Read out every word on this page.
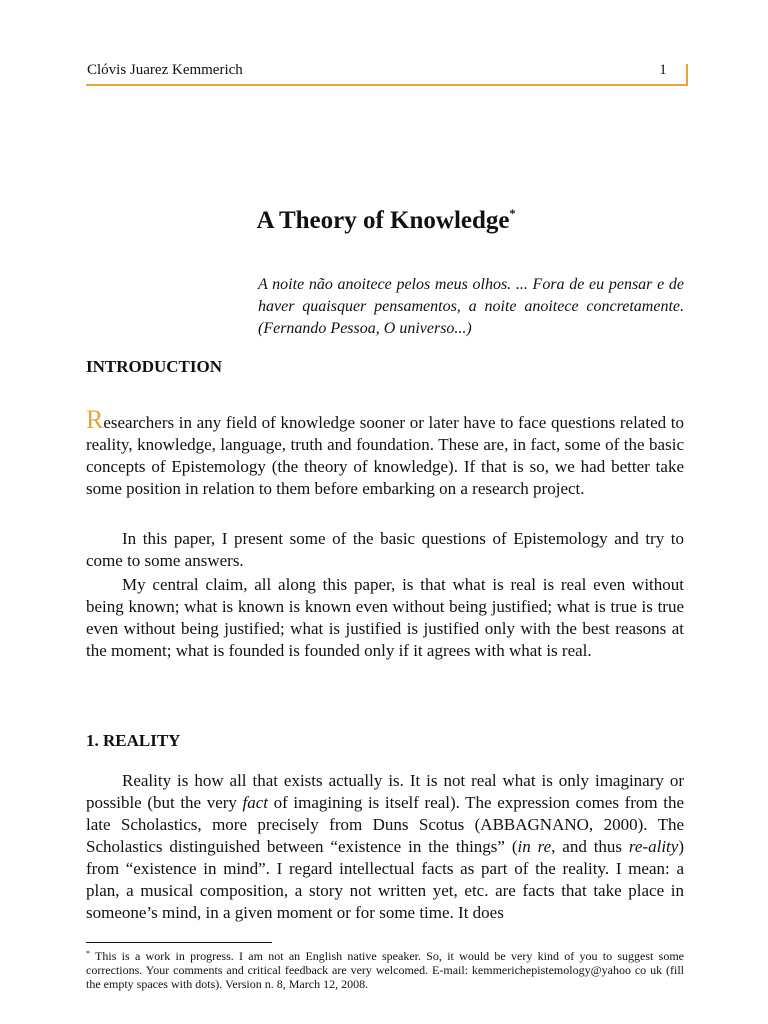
Clóvis Juarez Kemmerich	1
A Theory of Knowledge*
A noite não anoitece pelos meus olhos. ... Fora de eu pensar e de haver quaisquer pensamentos, a noite anoitece concretamente. (Fernando Pessoa, O universo...)
INTRODUCTION
Researchers in any field of knowledge sooner or later have to face questions related to reality, knowledge, language, truth and foundation. These are, in fact, some of the basic concepts of Epistemology (the theory of knowledge). If that is so, we had better take some position in relation to them before embarking on a research project.
In this paper, I present some of the basic questions of Epistemology and try to come to some answers.
My central claim, all along this paper, is that what is real is real even without being known; what is known is known even without being justified; what is true is true even without being justified; what is justified is justified only with the best reasons at the moment; what is founded is founded only if it agrees with what is real.
1. REALITY
Reality is how all that exists actually is. It is not real what is only imaginary or possible (but the very fact of imagining is itself real). The expression comes from the late Scholastics, more precisely from Duns Scotus (ABBAGNANO, 2000). The Scholastics distinguished between “existence in the things” (in re, and thus re-ality) from “existence in mind”. I regard intellectual facts as part of the reality. I mean: a plan, a musical composition, a story not written yet, etc. are facts that take place in someone’s mind, in a given moment or for some time. It does
* This is a work in progress. I am not an English native speaker. So, it would be very kind of you to suggest some corrections. Your comments and critical feedback are very welcomed. E-mail: kemmerichepistemology@yahoo co uk (fill the empty spaces with dots). Version n. 8, March 12, 2008.
